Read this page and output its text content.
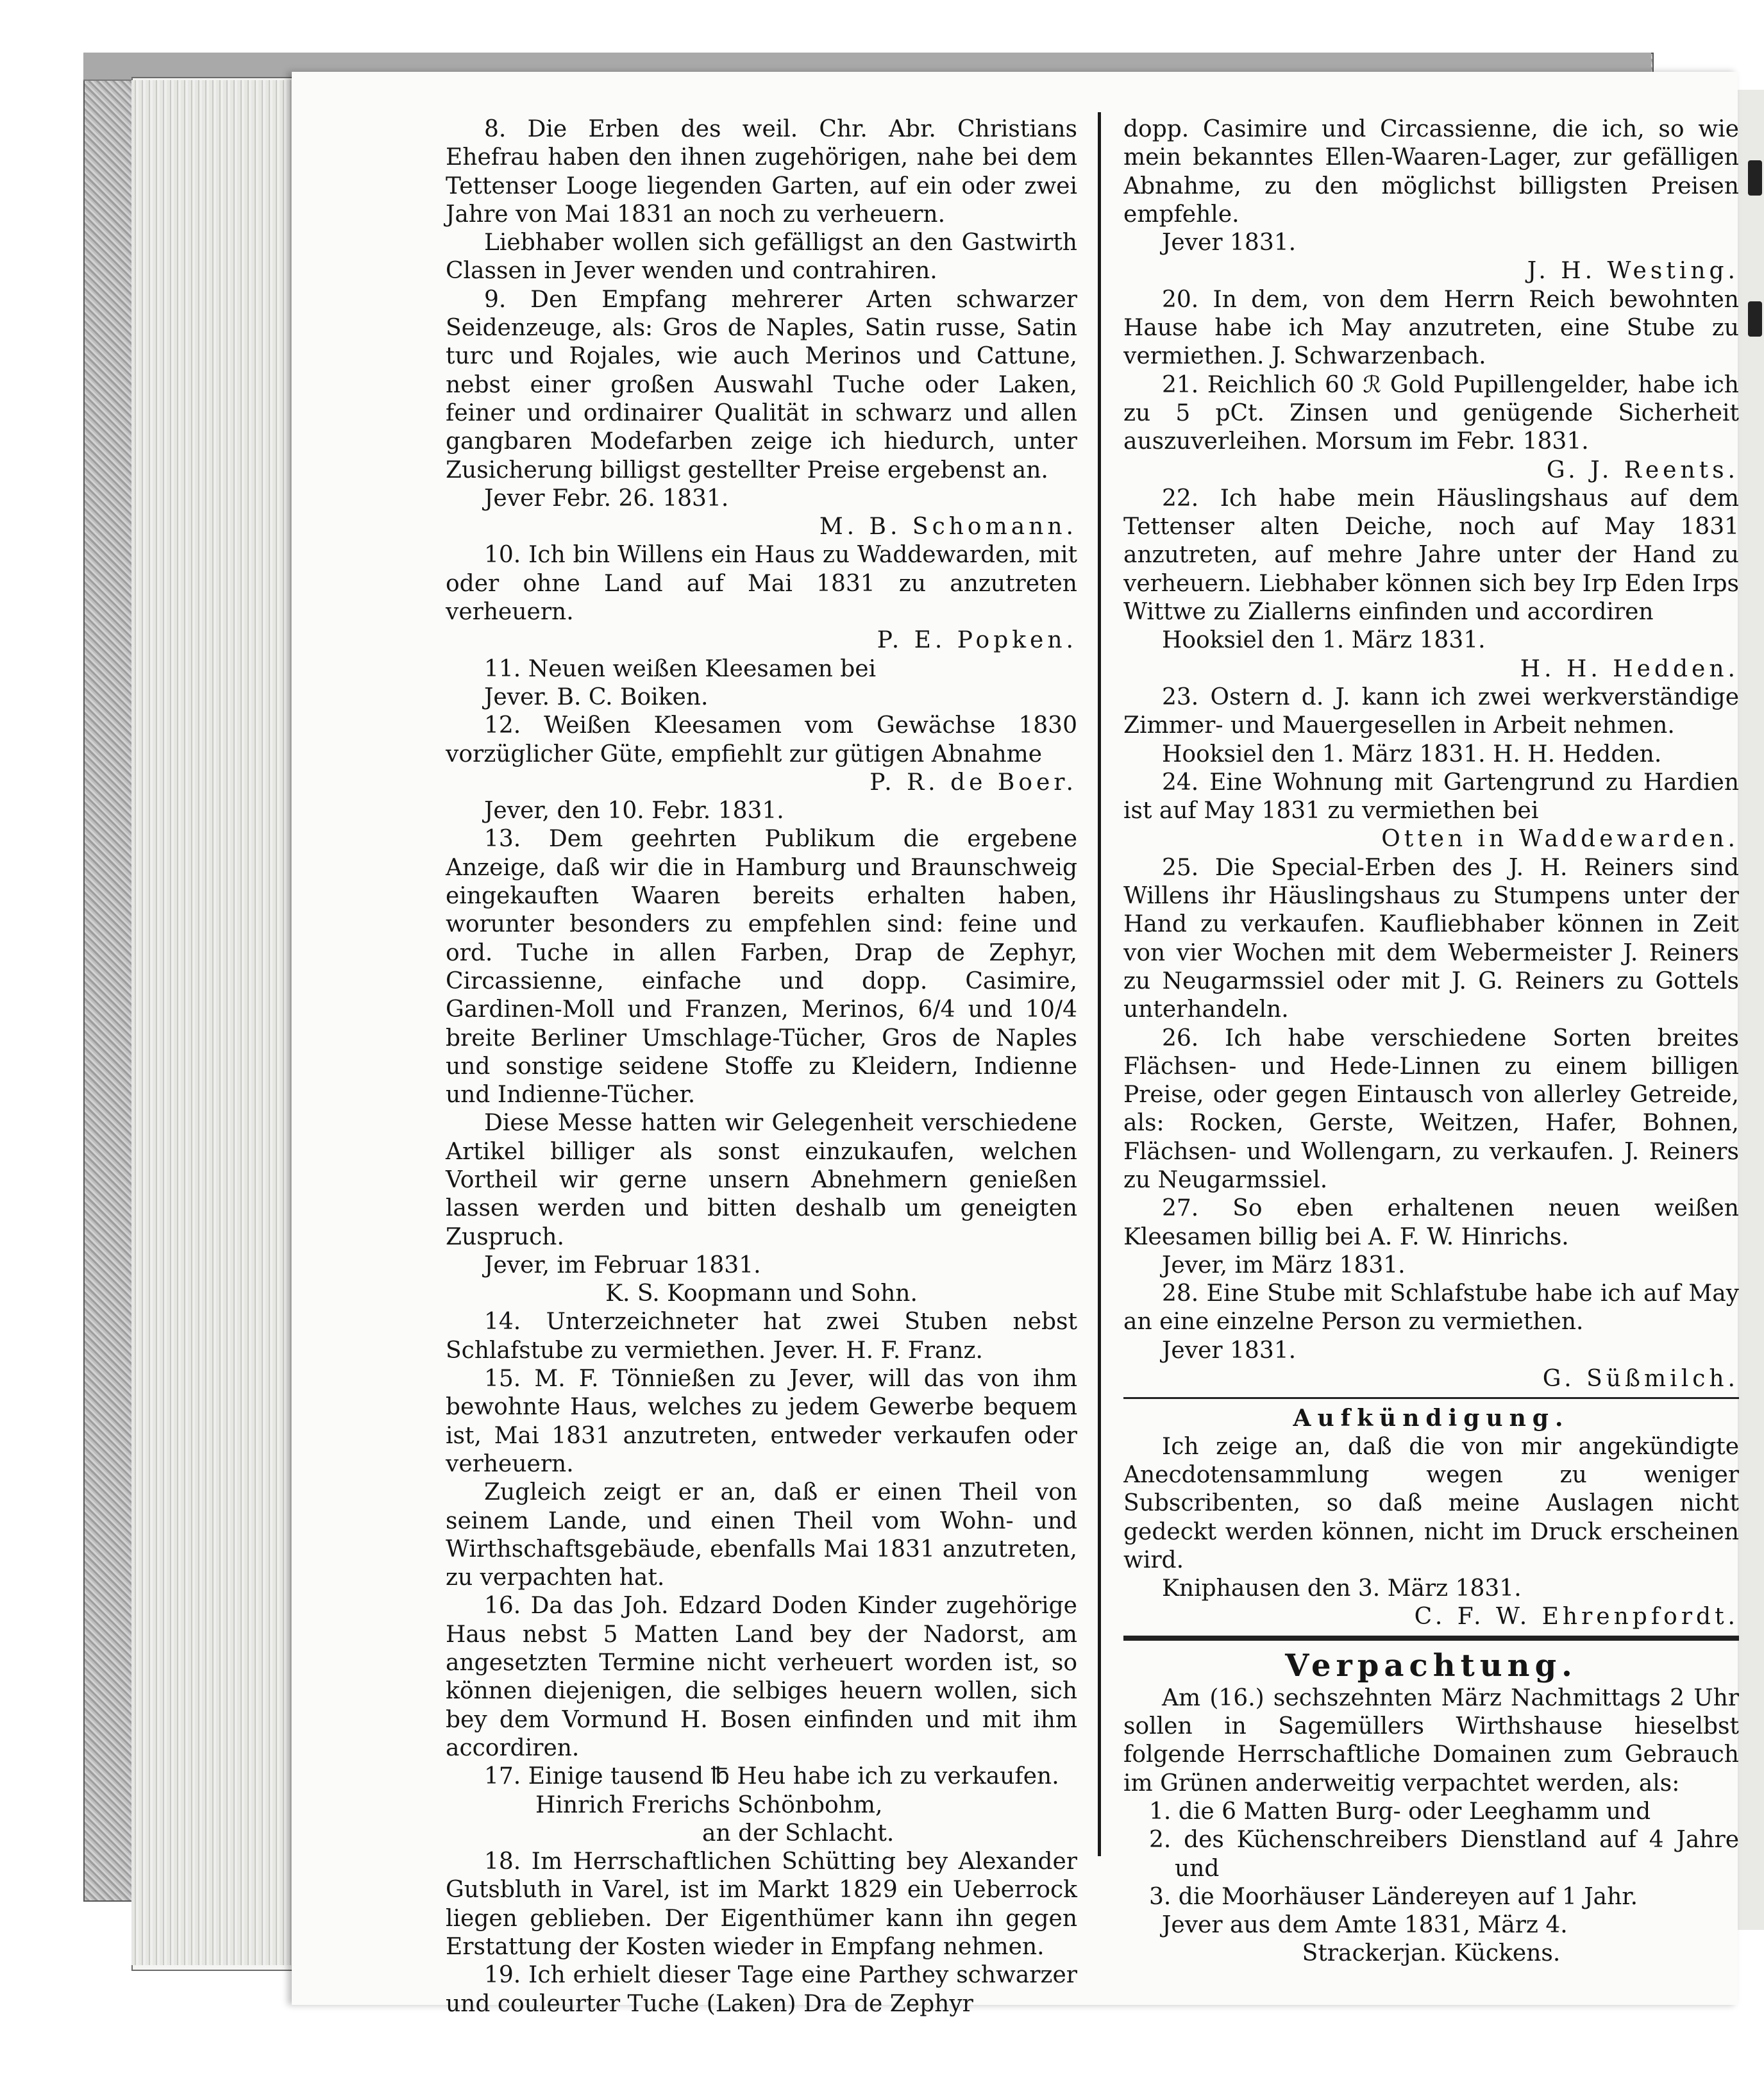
8. Die Erben des weil. Chr. Abr. Christians Ehefrau haben den ihnen zugehörigen, nahe bei dem Tettenser Looge liegenden Garten, auf ein oder zwei Jahre von Mai 1831 an noch zu verheuern.

Liebhaber wollen sich gefälligst an den Gastwirth Classen in Jever wenden und contrahiren.

9. Den Empfang mehrerer Arten schwarzer Seidenzeuge, als: Gros de Naples, Satin russe, Satin turc und Rojales, wie auch Merinos und Cattune, nebst einer großen Auswahl Tuche oder Laken, feiner und ordinairer Qualität in schwarz und allen gangbaren Modefarben zeige ich hiedurch, unter Zusicherung billigst gestellter Preise ergebenst an.

Jever Febr. 26. 1831.

M. B. Schomann.

10. Ich bin Willens ein Haus zu Waddewarden, mit oder ohne Land auf Mai 1831 zu anzutreten verheuern.

P. E. Popken.

11. Neuen weißen Kleesamen bei

Jever. B. C. Boiken.

12. Weißen Kleesamen vom Gewächse 1830 vorzüglicher Güte, empfiehlt zur gütigen Abnahme

P. R. de Boer.

Jever, den 10. Febr. 1831.

13. Dem geehrten Publikum die ergebene Anzeige, daß wir die in Hamburg und Braunschweig eingekauften Waaren bereits erhalten haben, worunter besonders zu empfehlen sind: feine und ord. Tuche in allen Farben, Drap de Zephyr, Circassienne, einfache und dopp. Casimire, Gardinen-Moll und Franzen, Merinos, 6/4 und 10/4 breite Berliner Umschlage-Tücher, Gros de Naples und sonstige seidene Stoffe zu Kleidern, Indienne und Indienne-Tücher.

Diese Messe hatten wir Gelegenheit verschiedene Artikel billiger als sonst einzukaufen, welchen Vortheil wir gerne unsern Abnehmern genießen lassen werden und bitten deshalb um geneigten Zuspruch.

Jever, im Februar 1831.

K. S. Koopmann und Sohn.

14. Unterzeichneter hat zwei Stuben nebst Schlafstube zu vermiethen. Jever. H. F. Franz.

15. M. F. Tönnießen zu Jever, will das von ihm bewohnte Haus, welches zu jedem Gewerbe bequem ist, Mai 1831 anzutreten, entweder verkaufen oder verheuern.

Zugleich zeigt er an, daß er einen Theil von seinem Lande, und einen Theil vom Wohn- und Wirthschaftsgebäude, ebenfalls Mai 1831 anzutreten, zu verpachten hat.

16. Da das Joh. Edzard Doden Kinder zugehörige Haus nebst 5 Matten Land bey der Nadorst, am angesetzten Termine nicht verheuert worden ist, so können diejenigen, die selbiges heuern wollen, sich bey dem Vormund H. Bosen einfinden und mit ihm accordiren.

17. Einige tausend ℔ Heu habe ich zu verkaufen.

Hinrich Frerichs Schönbohm,

an der Schlacht.

18. Im Herrschaftlichen Schütting bey Alexander Gutsbluth in Varel, ist im Markt 1829 ein Ueberrock liegen geblieben. Der Eigenthümer kann ihn gegen Erstattung der Kosten wieder in Empfang nehmen.

19. Ich erhielt dieser Tage eine Parthey schwarzer und couleurter Tuche (Laken) Dra de Zephyr

dopp. Casimire und Circassienne, die ich, so wie mein bekanntes Ellen-Waaren-Lager, zur gefälligen Abnahme, zu den möglichst billigsten Preisen empfehle.

Jever 1831.

J. H. Westing.

20. In dem, von dem Herrn Reich bewohnten Hause habe ich May anzutreten, eine Stube zu vermiethen. J. Schwarzenbach.

21. Reichlich 60 ℛ Gold Pupillengelder, habe ich zu 5 pCt. Zinsen und genügende Sicherheit auszuverleihen. Morsum im Febr. 1831.

G. J. Reents.

22. Ich habe mein Häuslingshaus auf dem Tettenser alten Deiche, noch auf May 1831 anzutreten, auf mehre Jahre unter der Hand zu verheuern. Liebhaber können sich bey Irp Eden Irps Wittwe zu Ziallerns einfinden und accordiren

Hooksiel den 1. März 1831.

H. H. Hedden.

23. Ostern d. J. kann ich zwei werkverständige Zimmer- und Mauergesellen in Arbeit nehmen.

Hooksiel den 1. März 1831. H. H. Hedden.

24. Eine Wohnung mit Gartengrund zu Hardien ist auf May 1831 zu vermiethen bei

Otten in Waddewarden.

25. Die Special-Erben des J. H. Reiners sind Willens ihr Häuslingshaus zu Stumpens unter der Hand zu verkaufen. Kaufliebhaber können in Zeit von vier Wochen mit dem Webermeister J. Reiners zu Neugarmssiel oder mit J. G. Reiners zu Gottels unterhandeln.

26. Ich habe verschiedene Sorten breites Flächsen- und Hede-Linnen zu einem billigen Preise, oder gegen Eintausch von allerley Getreide, als: Rocken, Gerste, Weitzen, Hafer, Bohnen, Flächsen- und Wollengarn, zu verkaufen. J. Reiners zu Neugarmssiel.

27. So eben erhaltenen neuen weißen Kleesamen billig bei A. F. W. Hinrichs.

Jever, im März 1831.

28. Eine Stube mit Schlafstube habe ich auf May an eine einzelne Person zu vermiethen.

Jever 1831.

G. Süßmilch.

Aufkündigung.

Ich zeige an, daß die von mir angekündigte Anecdotensammlung wegen zu weniger Subscribenten, so daß meine Auslagen nicht gedeckt werden können, nicht im Druck erscheinen wird.

Kniphausen den 3. März 1831.

C. F. W. Ehrenpfordt.

Verpachtung.

Am (16.) sechszehnten März Nachmittags 2 Uhr sollen in Sagemüllers Wirthshause hieselbst folgende Herrschaftliche Domainen zum Gebrauch im Grünen anderweitig verpachtet werden, als:

1. die 6 Matten Burg- oder Leeghamm und

2. des Küchenschreibers Dienstland auf 4 Jahre und

3. die Moorhäuser Ländereyen auf 1 Jahr.

Jever aus dem Amte 1831, März 4.

Strackerjan. Kückens.
